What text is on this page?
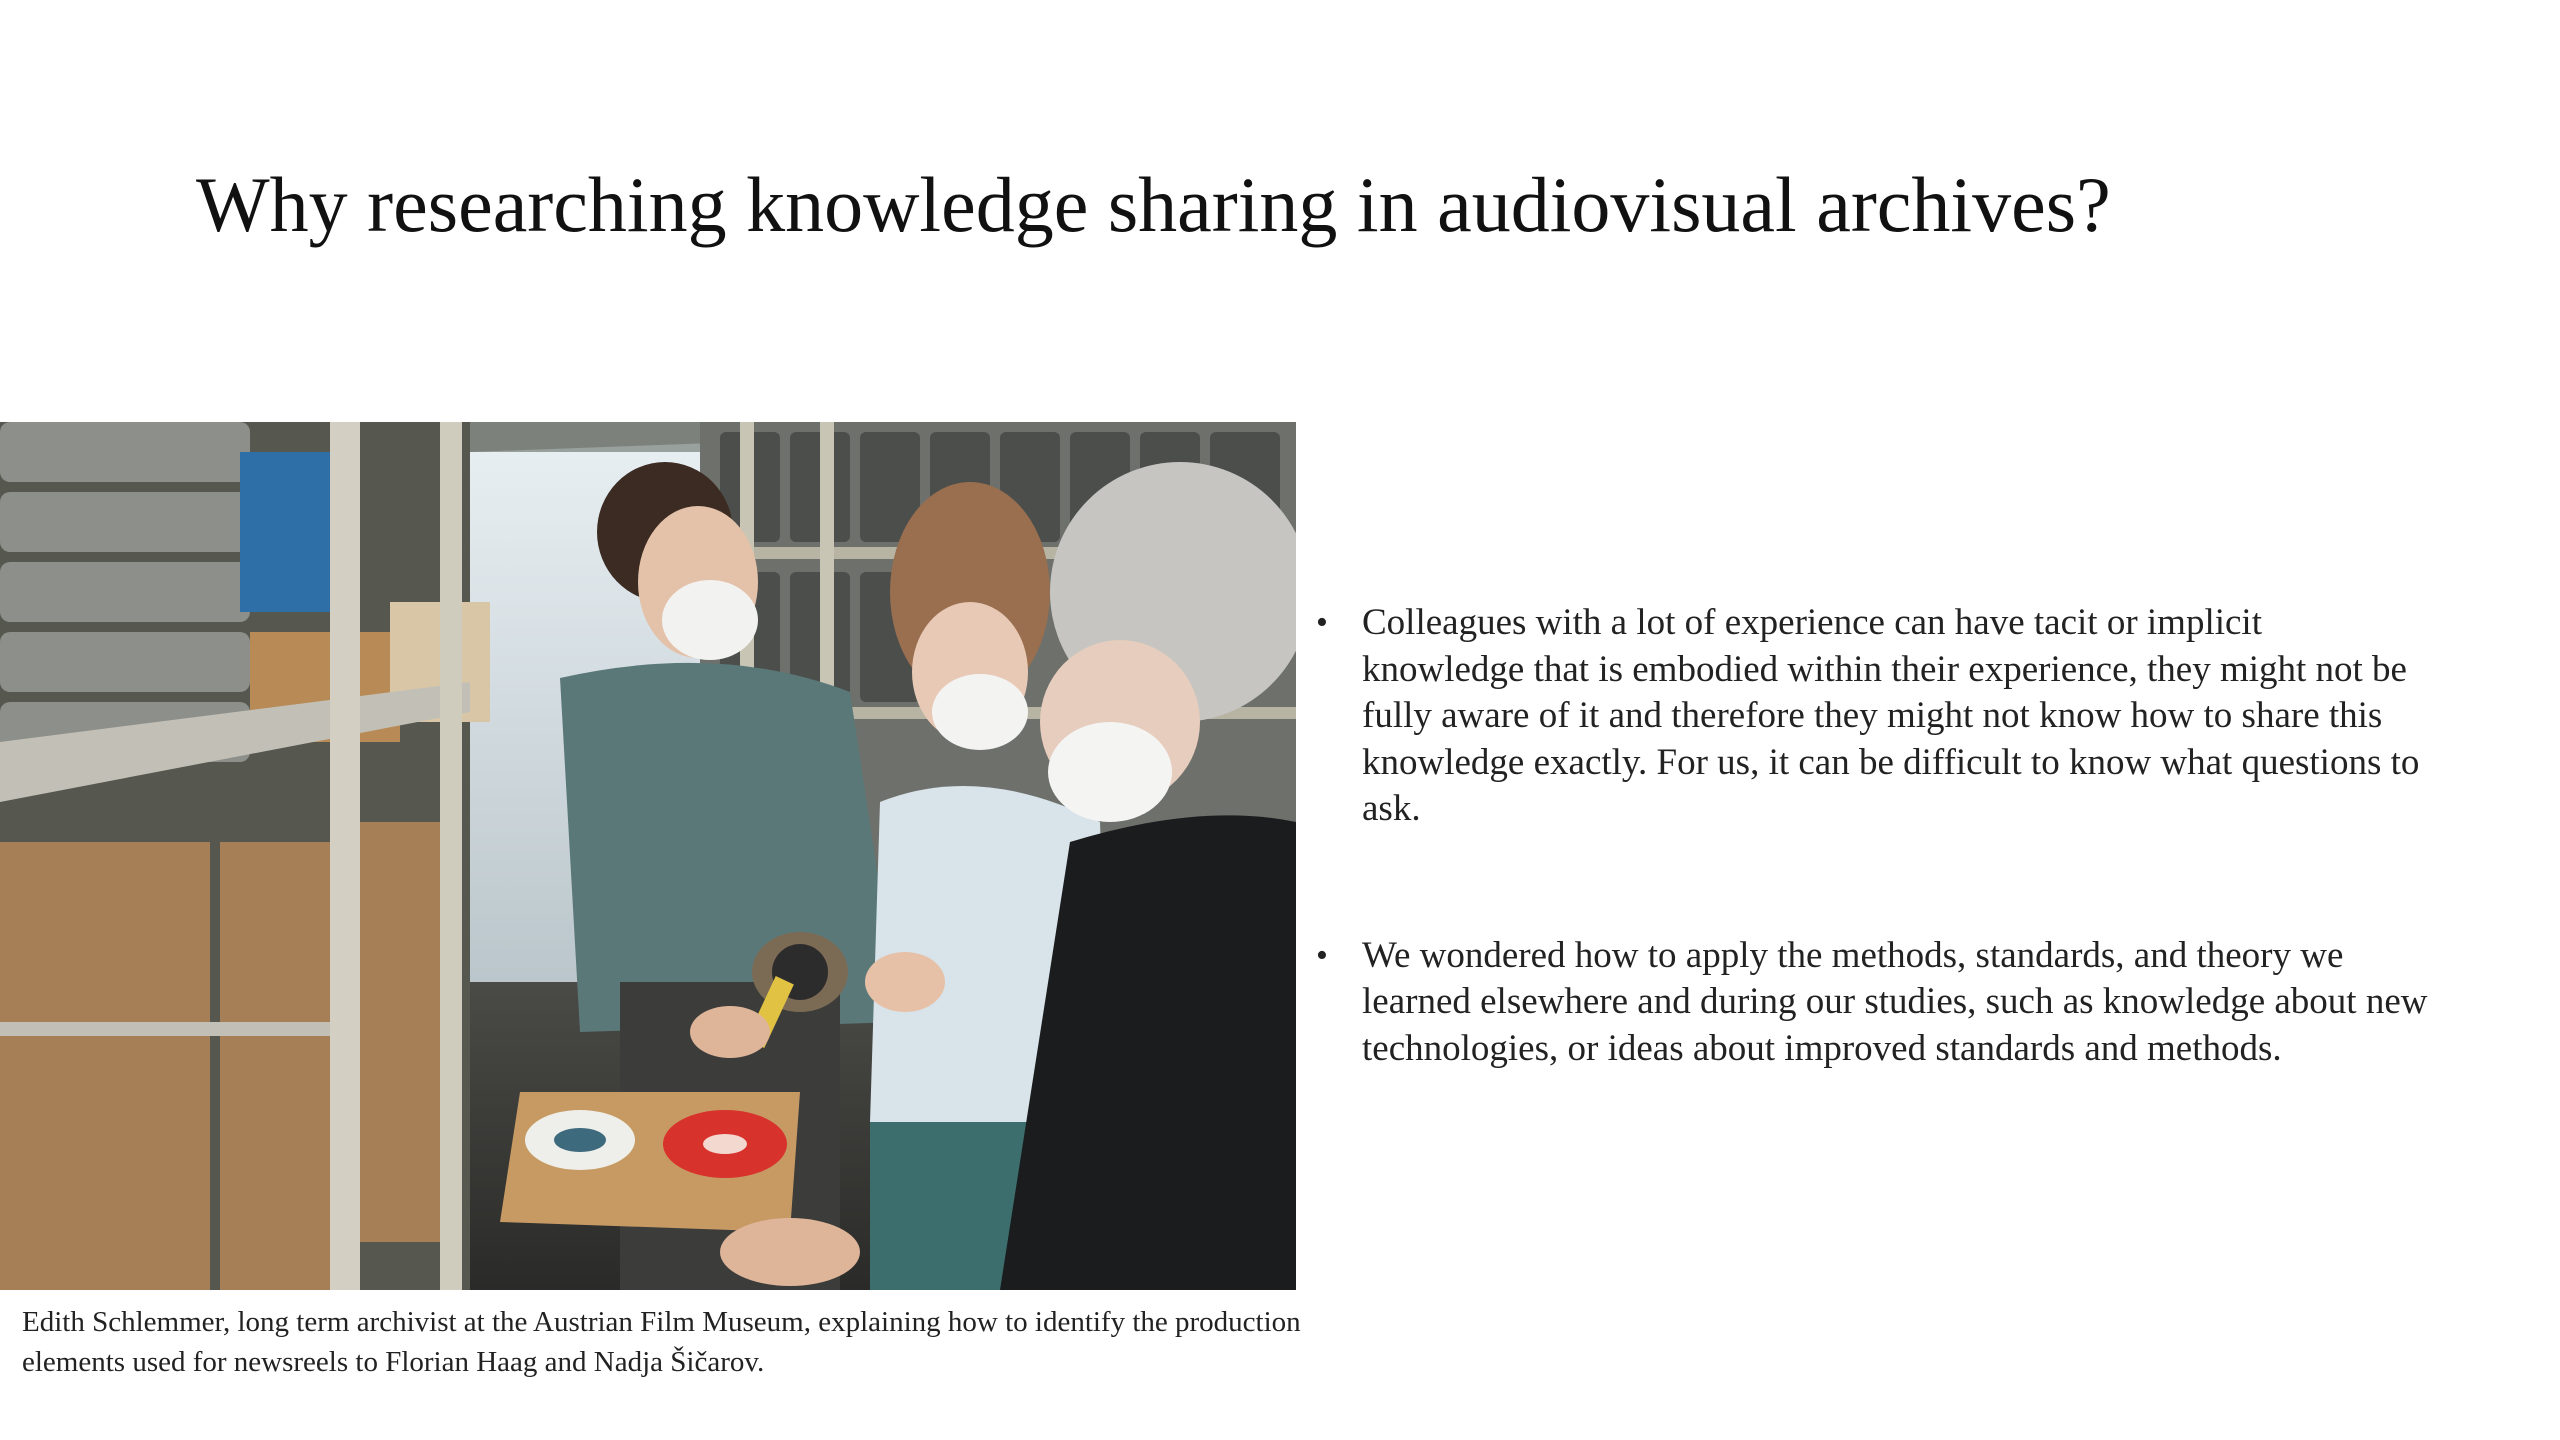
Why researching knowledge sharing in audiovisual archives?
Edith Schlemmer, long term archivist at the Austrian Film Museum, explaining how to identify the production elements used for newsreels to Florian Haag and Nadja Šičarov.
• Colleagues with a lot of experience can have tacit or implicit knowledge that is embodied within their experience, they might not be fully aware of it and therefore they might not know how to share this knowledge exactly. For us, it can be difficult to know what questions to ask.
• We wondered how to apply the methods, standards, and theory we learned elsewhere and during our studies, such as knowledge about new technologies, or ideas about improved standards and methods.
